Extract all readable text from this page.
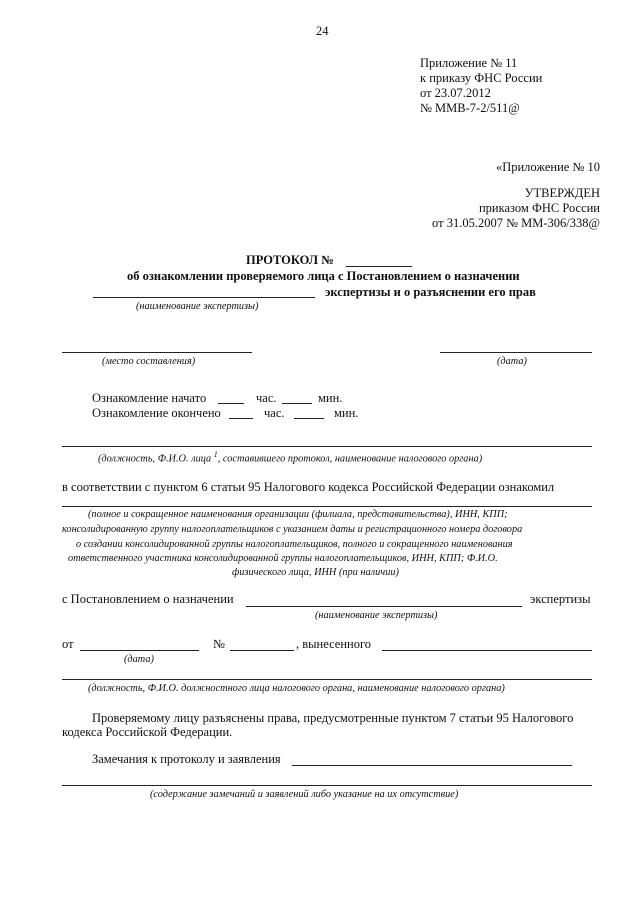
24
Приложение № 11
к приказу ФНС России
от 23.07.2012
№ ММВ-7-2/511@
«Приложение № 10
УТВЕРЖДЕН
приказом ФНС России
от 31.05.2007 № ММ-306/338@
ПРОТОКОЛ №
об ознакомлении проверяемого лица с Постановлением о назначении
экспертизы и о разъяснении его прав
(наименование экспертизы)
(место составления)	(дата)
Ознакомление начато	час.	мин.
Ознакомление окончено	час.	мин.
(должность, Ф.И.О. лица $^1$, составившего протокол, наименование налогового органа)
в соответствии с пунктом 6 статьи 95 Налогового кодекса Российской Федерации ознакомил
(полное и сокращенное наименования организации (филиала, представительства), ИНН, КПП;
консолидированную группу налогоплательщиков с указанием даты и регистрационного номера договора
о создании консолидированной группы налогоплательщиков, полного и сокращенного наименования
ответственного участника консолидированной группы налогоплательщиков, ИНН, КПП; Ф.И.О.
физического лица, ИНН (при наличии)
с Постановлением о назначении	экспертизы
(наименование экспертизы)
от
(дата)
№	, вынесенного
(должность, Ф.И.О. должностного лица налогового органа, наименование налогового органа)
Проверяемому лицу разъяснены права, предусмотренные пунктом 7 статьи 95 Налогового
кодекса Российской Федерации.
Замечания к протоколу и заявления
(содержание замечаний и заявлений либо указание на их отсутствие)
